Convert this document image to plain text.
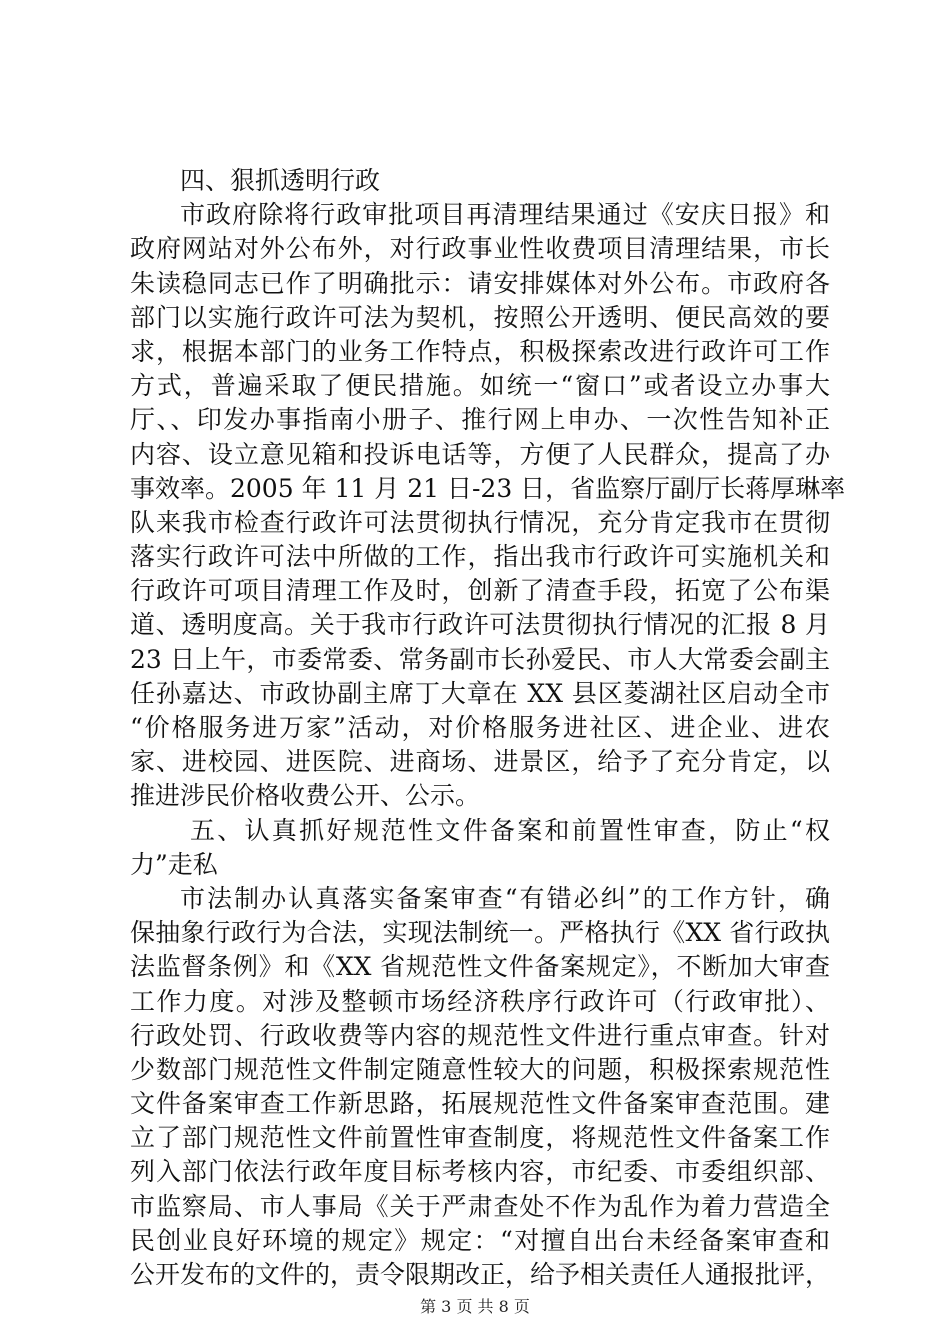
四、狠抓透明行政
市政府除将行政审批项目再清理结果通过《安庆日报》和
政府网站对外公布外，对行政事业性收费项目清理结果，市长
朱读稳同志已作了明确批示：请安排媒体对外公布。市政府各
部门以实施行政许可法为契机，按照公开透明、便民高效的要
求，根据本部门的业务工作特点，积极探索改进行政许可工作
方式，普遍采取了便民措施。如统一“窗口”或者设立办事大
厅、、印发办事指南小册子、推行网上申办、一次性告知补正
内容、设立意见箱和投诉电话等，方便了人民群众，提高了办
事效率。2005 年 11 月 21 日-23 日，省监察厅副厅长蒋厚琳率
队来我市检查行政许可法贯彻执行情况，充分肯定我市在贯彻
落实行政许可法中所做的工作，指出我市行政许可实施机关和
行政许可项目清理工作及时，创新了清查手段，拓宽了公布渠
道、透明度高。关于我市行政许可法贯彻执行情况的汇报 8 月
23 日上午，市委常委、常务副市长孙爱民、市人大常委会副主
任孙嘉达、市政协副主席丁大章在 XX 县区菱湖社区启动全市
“价格服务进万家”活动，对价格服务进社区、进企业、进农
家、进校园、进医院、进商场、进景区，给予了充分肯定，以
推进涉民价格收费公开、公示。
五、认真抓好规范性文件备案和前置性审查，防止“权
力”走私
市法制办认真落实备案审查“有错必纠”的工作方针，确
保抽象行政行为合法，实现法制统一。严格执行《XX 省行政执
法监督条例》和《XX 省规范性文件备案规定》，不断加大审查
工作力度。对涉及整顿市场经济秩序行政许可（行政审批）、
行政处罚、行政收费等内容的规范性文件进行重点审查。针对
少数部门规范性文件制定随意性较大的问题，积极探索规范性
文件备案审查工作新思路，拓展规范性文件备案审查范围。建
立了部门规范性文件前置性审查制度，将规范性文件备案工作
列入部门依法行政年度目标考核内容，市纪委、市委组织部、
市监察局、市人事局《关于严肃查处不作为乱作为着力营造全
民创业良好环境的规定》规定：“对擅自出台未经备案审查和
公开发布的文件的，责令限期改正，给予相关责任人通报批评，
第 3 页 共 8 页
